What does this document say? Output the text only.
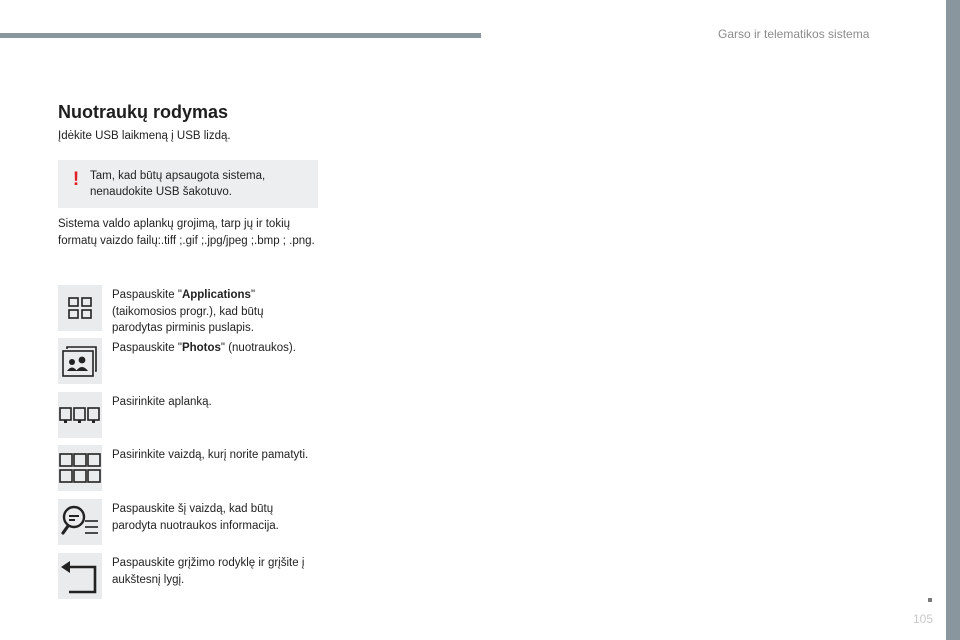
Garso ir telematikos sistema
105
Nuotraukų rodymas
Įdėkite USB laikmeną į USB lizdą.
! Tam, kad būtų apsaugota sistema, nenaudokite USB šakotuvo.
Sistema valdo aplankų grojimą, tarp jų ir tokių formatų vaizdo failų:.tiff ;.gif ;.jpg/jpeg ;.bmp ; .png.
Paspauskite "Applications" (taikomosios progr.), kad būtų parodytas pirminis puslapis.
Paspauskite "Photos" (nuotraukos).
Pasirinkite aplanką.
Pasirinkite vaizdą, kurį norite pamatyti.
Paspauskite šį vaizdą, kad būtų parodyta nuotraukos informacija.
Paspauskite grįžimo rodyklę ir grįšite į aukštesnį lygį.
